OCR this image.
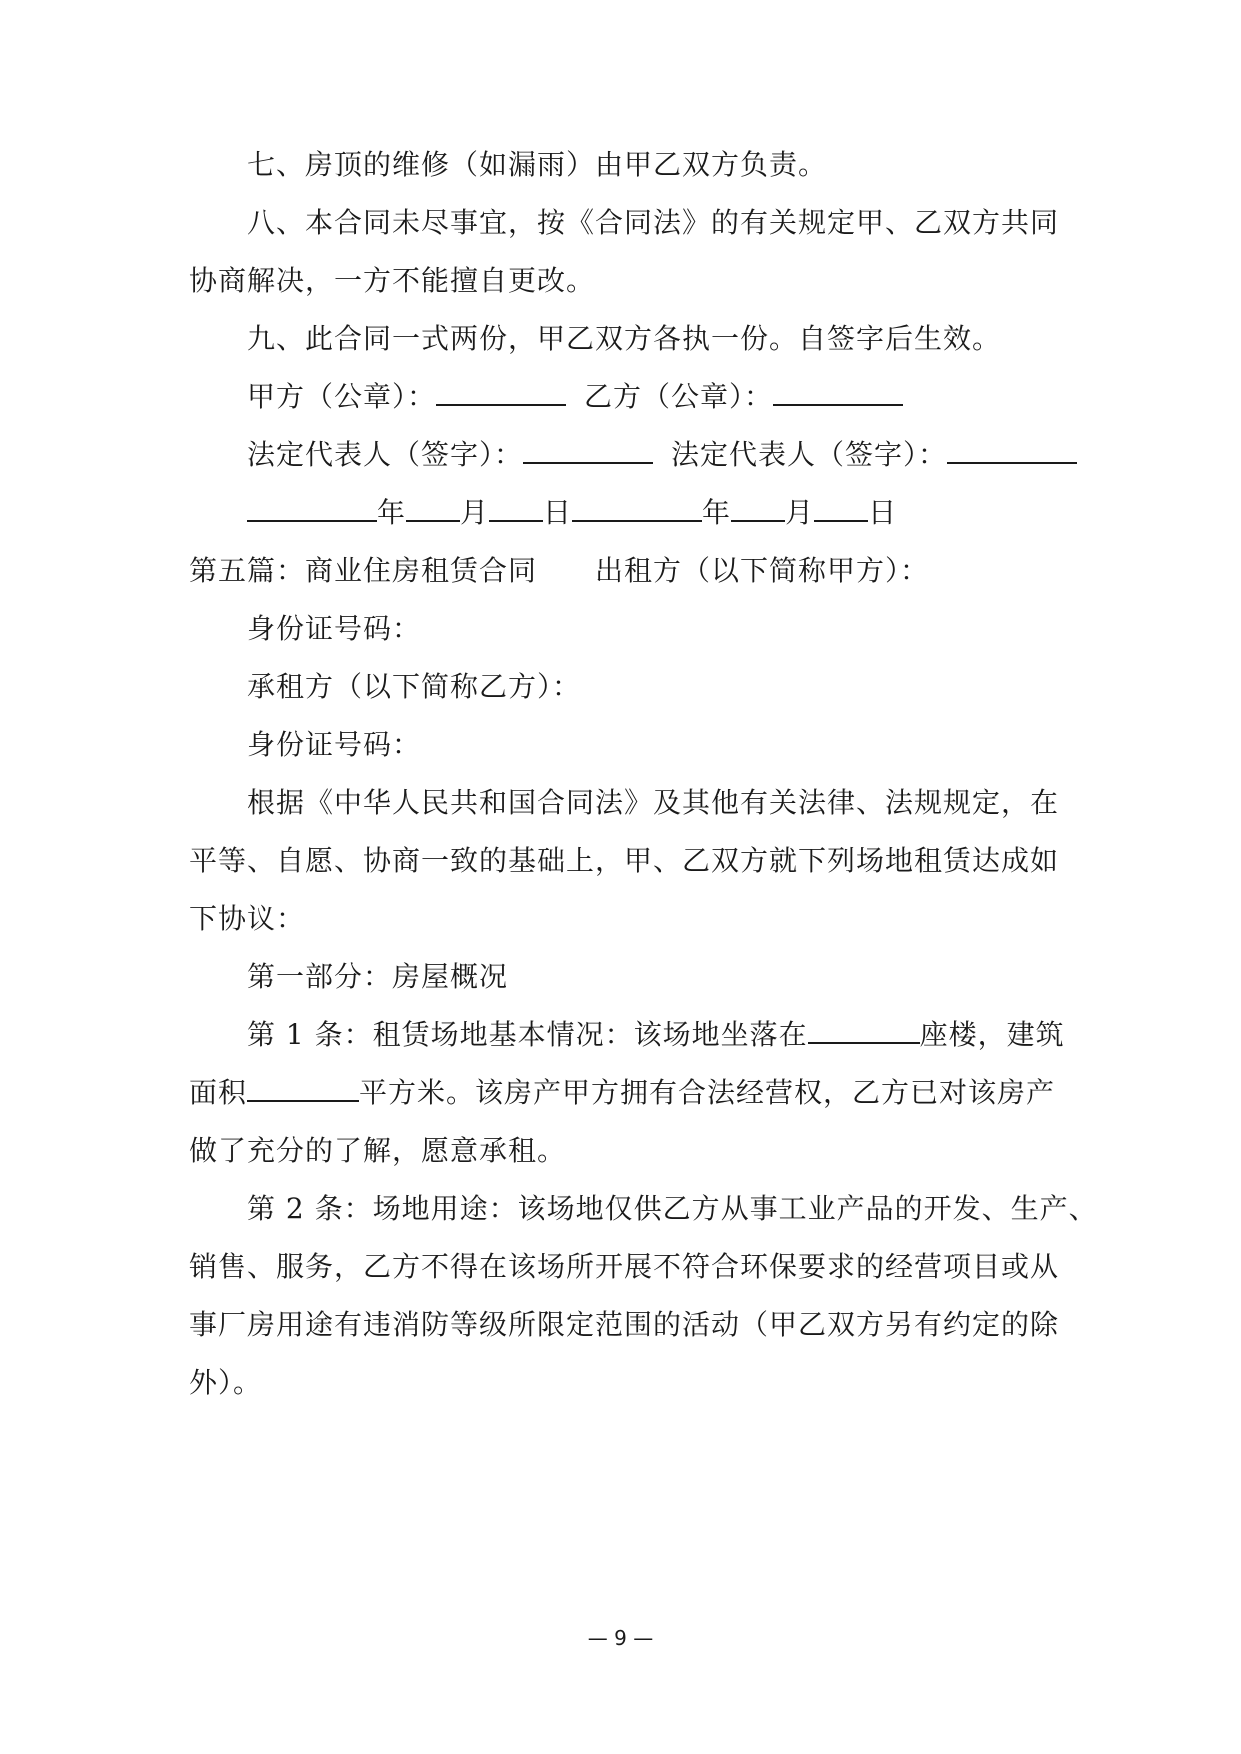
七、房顶的维修（如漏雨）由甲乙双方负责。
八、本合同未尽事宜，按《合同法》的有关规定甲、乙双方共同
协商解决，一方不能擅自更改。
九、此合同一式两份，甲乙双方各执一份。自签字后生效。
甲方（公章）：	乙方（公章）：
法定代表人（签字）：	法定代表人（签字）：
年 月 日	年 月 日
第五篇：商业住房租赁合同 出租方（以下简称甲方）：
身份证号码：
承租方（以下简称乙方）：
身份证号码：
根据《中华人民共和国合同法》及其他有关法律、法规规定，在
平等、自愿、协商一致的基础上，甲、乙双方就下列场地租赁达成如
下协议：
第一部分：房屋概况
第 1 条：租赁场地基本情况：该场地坐落在	座楼，建筑
面积	平方米。该房产甲方拥有合法经营权，乙方已对该房产
做了充分的了解，愿意承租。
第 2 条：场地用途：该场地仅供乙方从事工业产品的开发、生产、
销售、服务，乙方不得在该场所开展不符合环保要求的经营项目或从
事厂房用途有违消防等级所限定范围的活动（甲乙双方另有约定的除
外）。
— 9 —
